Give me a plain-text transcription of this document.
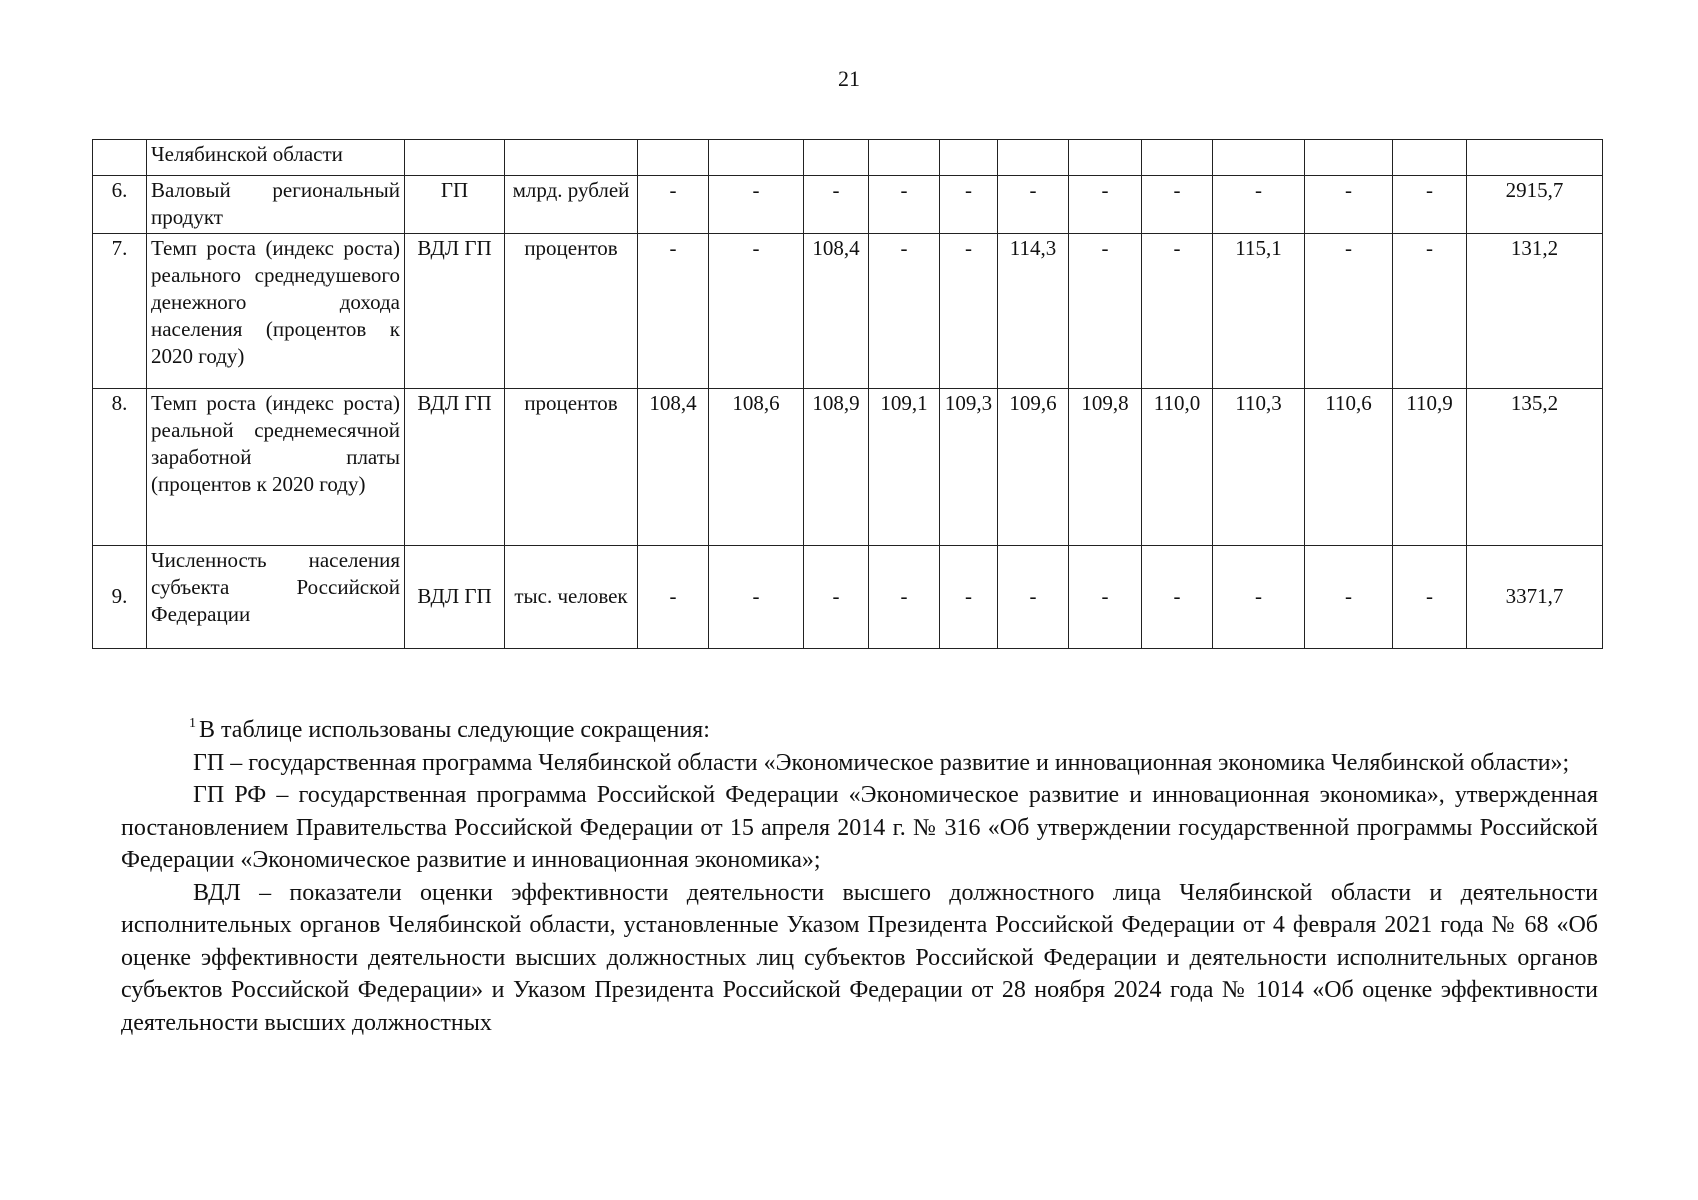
21
	Челябинской области														
6.	Валовый региональный продукт	ГП	млрд. рублей	-	-	-	-	-	-	-	-	-	-	-	2915,7
7.	Темп роста (индекс роста) реального среднедушевого денежного дохода населения (процентов к 2020 году)	ВДЛ ГП	процентов	-	-	108,4	-	-	114,3	-	-	115,1	-	-	131,2
8.	Темп роста (индекс роста) реальной среднемесячной заработной платы (процентов к 2020 году)	ВДЛ ГП	процентов	108,4	108,6	108,9	109,1	109,3	109,6	109,8	110,0	110,3	110,6	110,9	135,2
9.	Численность населения субъекта Российской Федерации	ВДЛ ГП	тыс. человек	-	-	-	-	-	-	-	-	-	-	-	3371,7

$^1$ В таблице использованы следующие сокращения:

ГП – государственная программа Челябинской области «Экономическое развитие и инновационная экономика Челябинской области»;

ГП РФ – государственная программа Российской Федерации «Экономическое развитие и инновационная экономика», утвержденная постановлением Правительства Российской Федерации от 15 апреля 2014 г. № 316 «Об утверждении государственной программы Российской Федерации «Экономическое развитие и инновационная экономика»;

ВДЛ – показатели оценки эффективности деятельности высшего должностного лица Челябинской области и деятельности исполнительных органов Челябинской области, установленные Указом Президента Российской Федерации от 4 февраля 2021 года № 68 «Об оценке эффективности деятельности высших должностных лиц субъектов Российской Федерации и деятельности исполнительных органов субъектов Российской Федерации» и Указом Президента Российской Федерации от 28 ноября 2024 года № 1014 «Об оценке эффективности деятельности высших должностных
